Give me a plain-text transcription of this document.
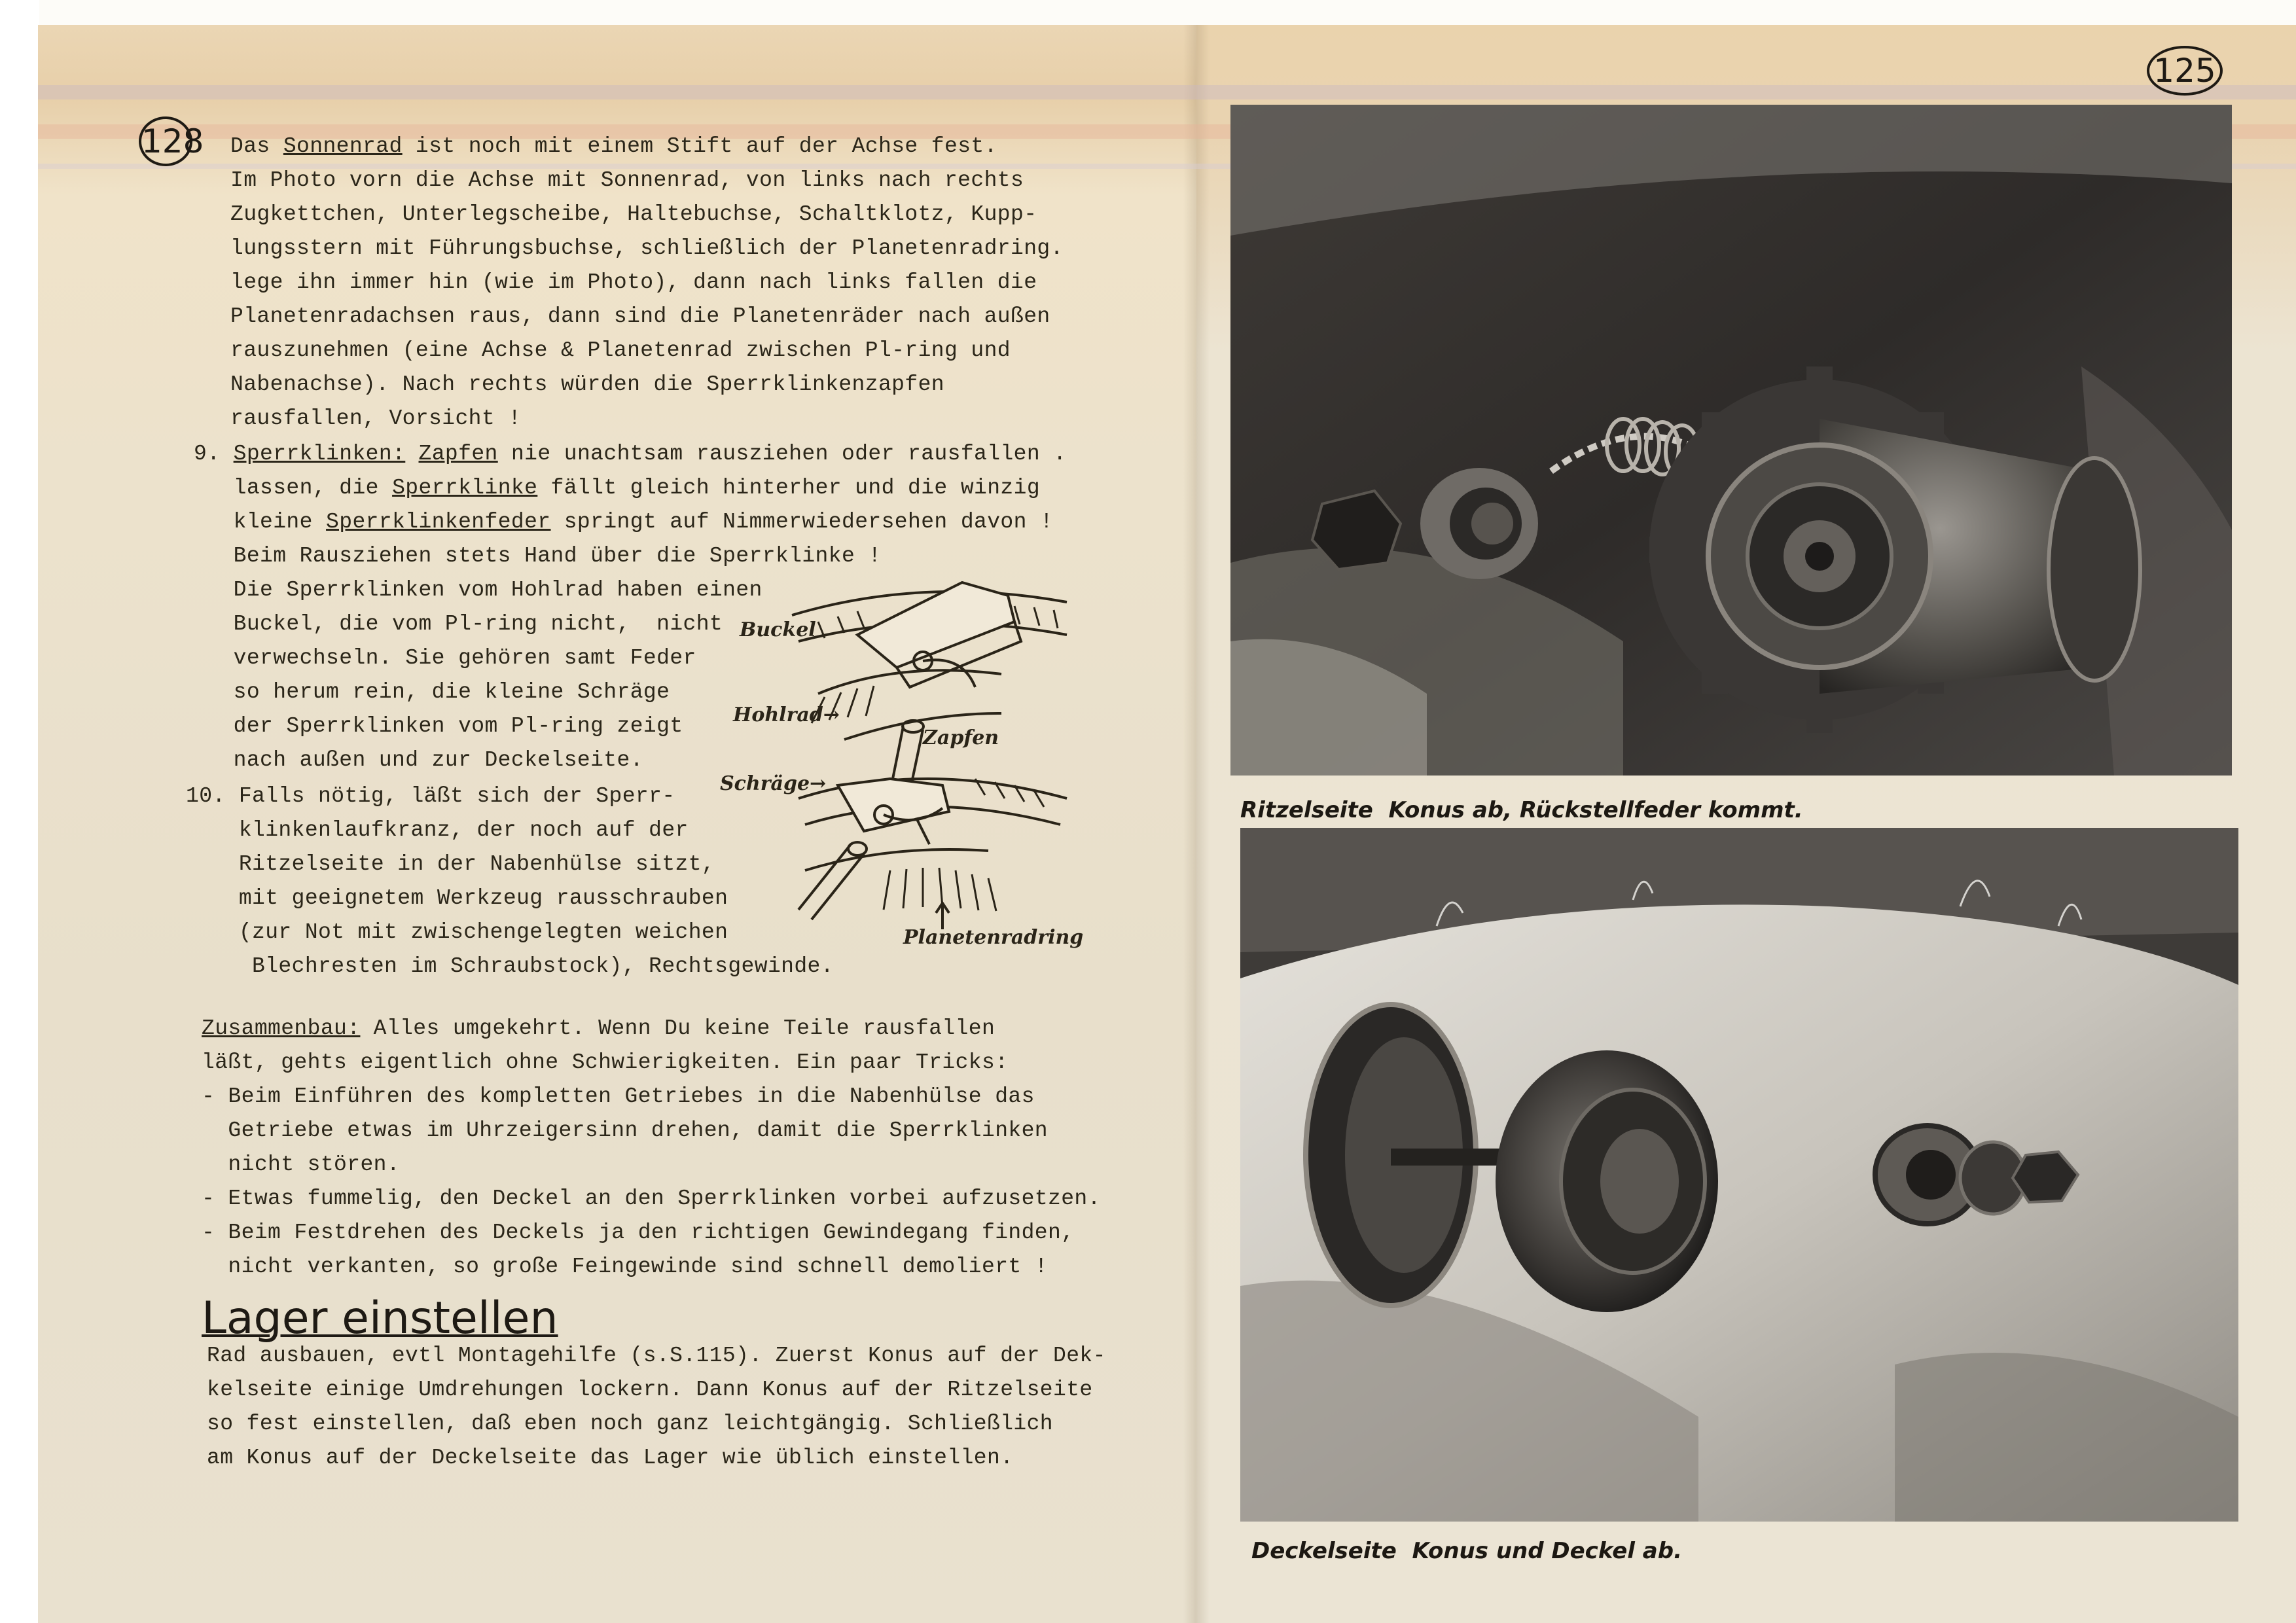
128
125
Das Sonnenrad ist noch mit einem Stift auf der Achse fest.
Im Photo vorn die Achse mit Sonnenrad, von links nach rechts
Zugkettchen, Unterlegscheibe, Haltebuchse, Schaltklotz, Kupp-
lungsstern mit Führungsbuchse, schließlich der Planetenradring.
lege ihn immer hin (wie im Photo), dann nach links fallen die
Planetenradachsen raus, dann sind die Planetenräder nach außen
rauszunehmen (eine Achse & Planetenrad zwischen Pl-ring und
Nabenachse). Nach rechts würden die Sperrklinkenzapfen
rausfallen, Vorsicht !
9. Sperrklinken: Zapfen nie unachtsam rausziehen oder rausfallen .
lassen, die Sperrklinke fällt gleich hinterher und die winzig
kleine Sperrklinkenfeder springt auf Nimmerwiedersehen davon !
Beim Rausziehen stets Hand über die Sperrklinke !
Die Sperrklinken vom Hohlrad haben einen
Buckel, die vom Pl-ring nicht,  nicht
verwechseln. Sie gehören samt Feder
so herum rein, die kleine Schräge
der Sperrklinken vom Pl-ring zeigt
nach außen und zur Deckelseite.
10. Falls nötig, läßt sich der Sperr-
klinkenlaufkranz, der noch auf der
Ritzelseite in der Nabenhülse sitzt,
mit geeignetem Werkzeug rausschrauben
(zur Not mit zwischengelegten weichen
Blechresten im Schraubstock), Rechtsgewinde.
Zusammenbau: Alles umgekehrt. Wenn Du keine Teile rausfallen
läßt, gehts eigentlich ohne Schwierigkeiten. Ein paar Tricks:
- Beim Einführen des kompletten Getriebes in die Nabenhülse das
Getriebe etwas im Uhrzeigersinn drehen, damit die Sperrklinken
nicht stören.
- Etwas fummelig, den Deckel an den Sperrklinken vorbei aufzusetzen.
- Beim Festdrehen des Deckels ja den richtigen Gewindegang finden,
nicht verkanten, so große Feingewinde sind schnell demoliert !
Rad ausbauen, evtl Montagehilfe (s.S.115). Zuerst Konus auf der Dek-
kelseite einige Umdrehungen lockern. Dann Konus auf der Ritzelseite
so fest einstellen, daß eben noch ganz leichtgängig. Schließlich
am Konus auf der Deckelseite das Lager wie üblich einstellen.
Lager einstellen
Buckel
Hohlrad→
Zapfen
Schräge→
Planetenradring
Ritzelseite  Konus ab, Rückstellfeder kommt.
Deckelseite  Konus und Deckel ab.
